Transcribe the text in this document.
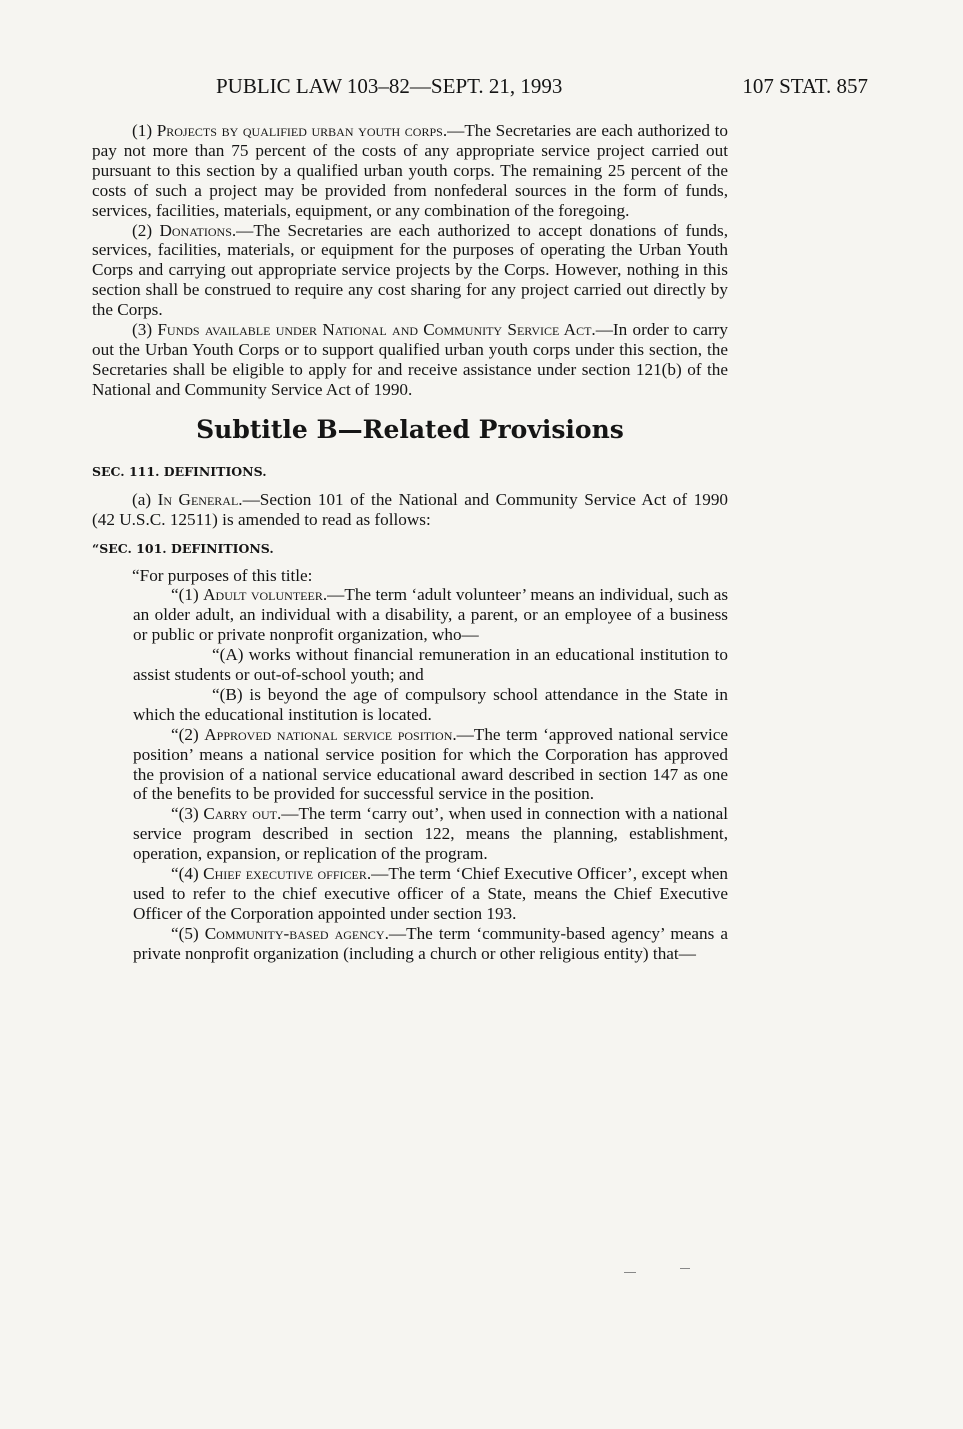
PUBLIC LAW 103–82—SEPT. 21, 1993	107 STAT. 857

(1) Projects by qualified urban youth corps.—The Secretaries are each authorized to pay not more than 75 percent of the costs of any appropriate service project carried out pursuant to this section by a qualified urban youth corps. The remaining 25 percent of the costs of such a project may be provided from nonfederal sources in the form of funds, services, facilities, materials, equipment, or any combination of the foregoing.

(2) Donations.—The Secretaries are each authorized to accept donations of funds, services, facilities, materials, or equipment for the purposes of operating the Urban Youth Corps and carrying out appropriate service projects by the Corps. However, nothing in this section shall be construed to require any cost sharing for any project carried out directly by the Corps.

(3) Funds available under National and Community Service Act.—In order to carry out the Urban Youth Corps or to support qualified urban youth corps under this section, the Secretaries shall be eligible to apply for and receive assistance under section 121(b) of the National and Community Service Act of 1990.

Subtitle B—Related Provisions
SEC. 111. DEFINITIONS.

(a) In General.—Section 101 of the National and Community Service Act of 1990 (42 U.S.C. 12511) is amended to read as follows:

“SEC. 101. DEFINITIONS.

“For purposes of this title:

“(1) Adult volunteer.—The term ‘adult volunteer’ means an individual, such as an older adult, an individual with a disability, a parent, or an employee of a business or public or private nonprofit organization, who—

“(A) works without financial remuneration in an educational institution to assist students or out-of-school youth; and

“(B) is beyond the age of compulsory school attendance in the State in which the educational institution is located.

“(2) Approved national service position.—The term ‘approved national service position’ means a national service position for which the Corporation has approved the provision of a national service educational award described in section 147 as one of the benefits to be provided for successful service in the position.

“(3) Carry out.—The term ‘carry out’, when used in connection with a national service program described in section 122, means the planning, establishment, operation, expansion, or replication of the program.

“(4) Chief executive officer.—The term ‘Chief Executive Officer’, except when used to refer to the chief executive officer of a State, means the Chief Executive Officer of the Corporation appointed under section 193.

“(5) Community-based agency.—The term ‘community-based agency’ means a private nonprofit organization (including a church or other religious entity) that—
